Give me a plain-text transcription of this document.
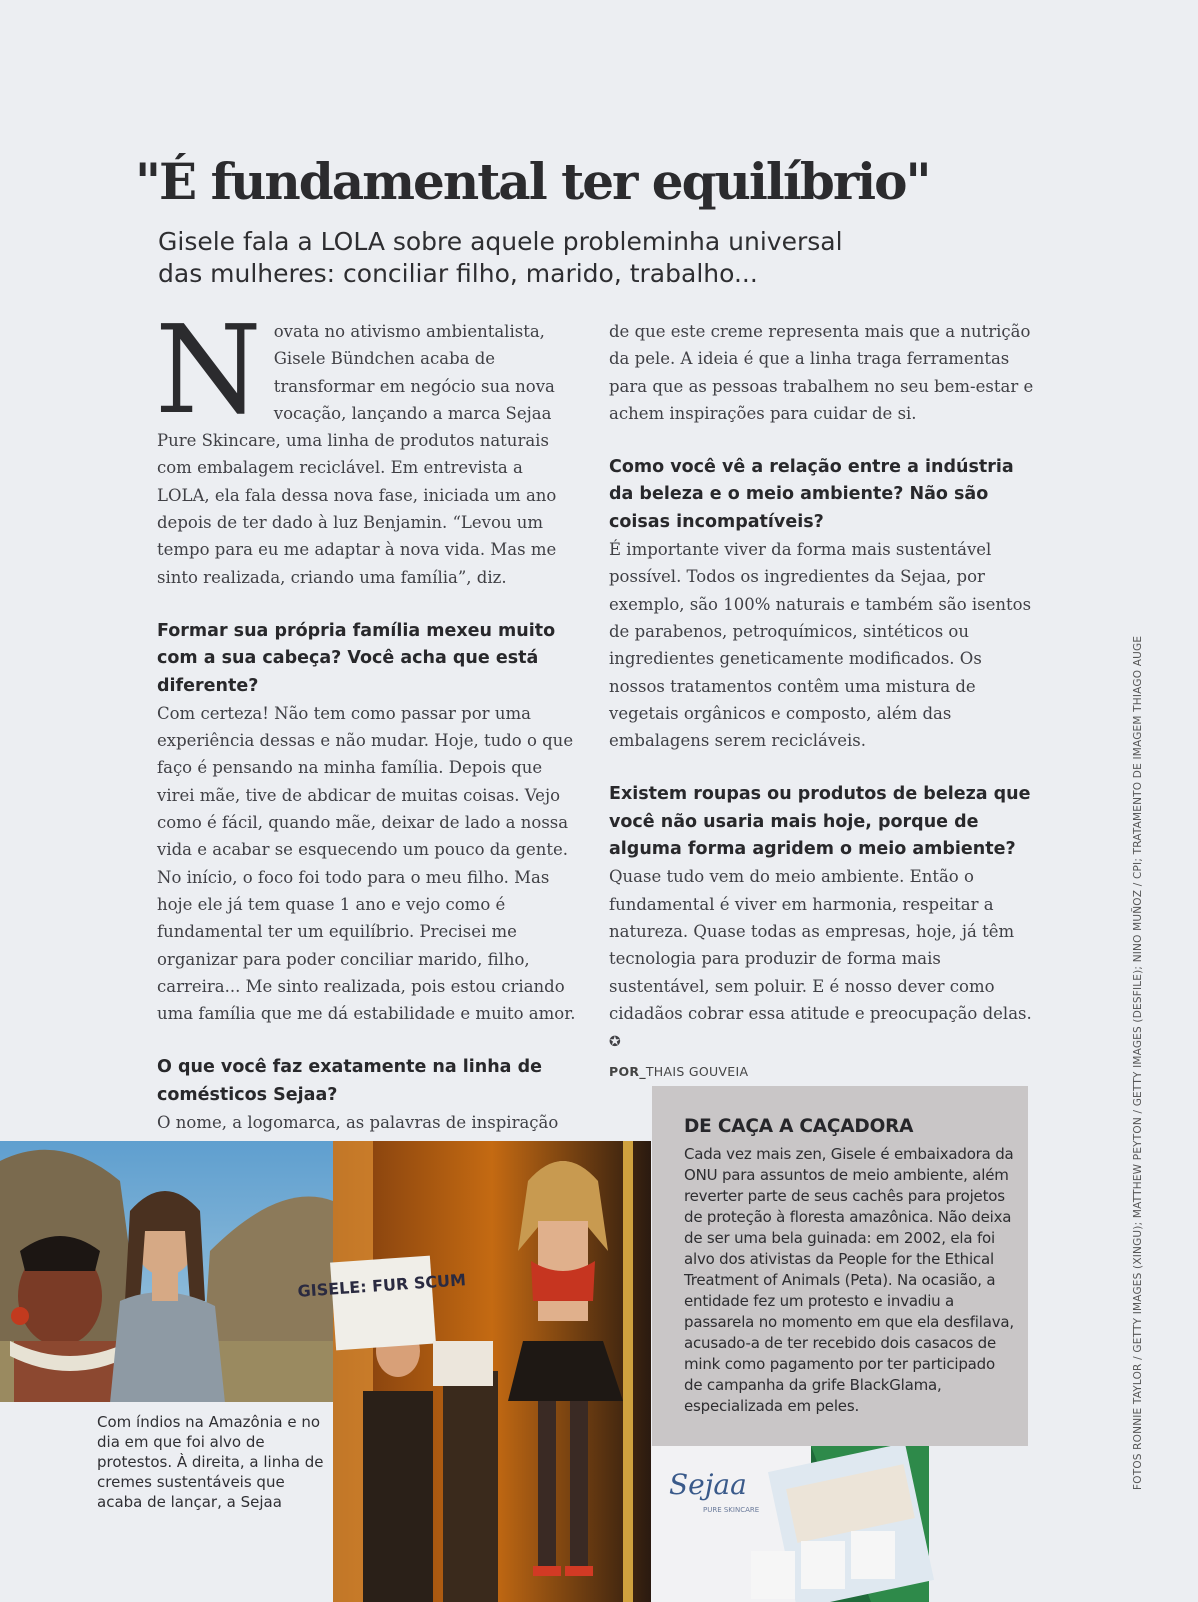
"É fundamental ter equilíbrio"

Gisele fala a LOLA sobre aquele probleminha universal das mulheres: conciliar filho, marido, trabalho...

Novata no ativismo ambientalista, Gisele Bündchen acaba de transformar em negócio sua nova vocação, lançando a marca Sejaa Pure Skincare, uma linha de produtos naturais com embalagem reciclável. Em entrevista a LOLA, ela fala dessa nova fase, iniciada um ano depois de ter dado à luz Benjamin. “Levou um tempo para eu me adaptar à nova vida. Mas me sinto realizada, criando uma família”, diz.

Formar sua própria família mexeu muito com a sua cabeça? Você acha que está diferente?

Com certeza! Não tem como passar por uma experiência dessas e não mudar. Hoje, tudo o que faço é pensando na minha família. Depois que virei mãe, tive de abdicar de muitas coisas. Vejo como é fácil, quando mãe, deixar de lado a nossa vida e acabar se esquecendo um pouco da gente. No início, o foco foi todo para o meu filho. Mas hoje ele já tem quase 1 ano e vejo como é fundamental ter um equilíbrio. Precisei me organizar para poder conciliar marido, filho, carreira... Me sinto realizada, pois estou criando uma família que me dá estabilidade e muito amor.

O que você faz exatamente na linha de comésticos Sejaa?

O nome, a logomarca, as palavras de inspiração

de que este creme representa mais que a nutrição da pele. A ideia é que a linha traga ferramentas para que as pessoas trabalhem no seu bem-estar e achem inspirações para cuidar de si.

Como você vê a relação entre a indústria da beleza e o meio ambiente? Não são coisas incompatíveis?

É importante viver da forma mais sustentável possível. Todos os ingredientes da Sejaa, por exemplo, são 100% naturais e também são isentos de parabenos, petroquímicos, sintéticos ou ingredientes geneticamente modificados. Os nossos tratamentos contêm uma mistura de vegetais orgânicos e composto, além das embalagens serem recicláveis.

Existem roupas ou produtos de beleza que você não usaria mais hoje, porque de alguma forma agridem o meio ambiente?

Quase tudo vem do meio ambiente. Então o fundamental é viver em harmonia, respeitar a natureza. Quase todas as empresas, hoje, já têm tecnologia para produzir de forma mais sustentável, sem poluir. E é nosso dever como cidadãos cobrar essa atitude e preocupação delas. ✪

POR_THAIS GOUVEIA
GISELE: FUR SCUM
Sejaa
PURE SKINCARE

Com índios na Amazônia e no dia em que foi alvo de protestos. À direita, a linha de cremes sustentáveis que acaba de lançar, a Sejaa

DE CAÇA A CAÇADORA

Cada vez mais zen, Gisele é embaixadora da ONU para assuntos de meio ambiente, além reverter parte de seus cachês para projetos de proteção à floresta amazônica. Não deixa de ser uma bela guinada: em 2002, ela foi alvo dos ativistas da People for the Ethical Treatment of Animals (Peta). Na ocasião, a entidade fez um protesto e invadiu a passarela no momento em que ela desfilava, acusado-a de ter recebido dois casacos de mink como pagamento por ter participado de campanha da grife BlackGlama, especializada em peles.	FOTOS RONNIE TAYLOR / GETTY IMAGES (XINGU); MATTHEW PEYTON / GETTY IMAGES (DESFILE); NINO MUÑOZ / CPI; TRATAMENTO DE IMAGEM THIAGO AUGE
